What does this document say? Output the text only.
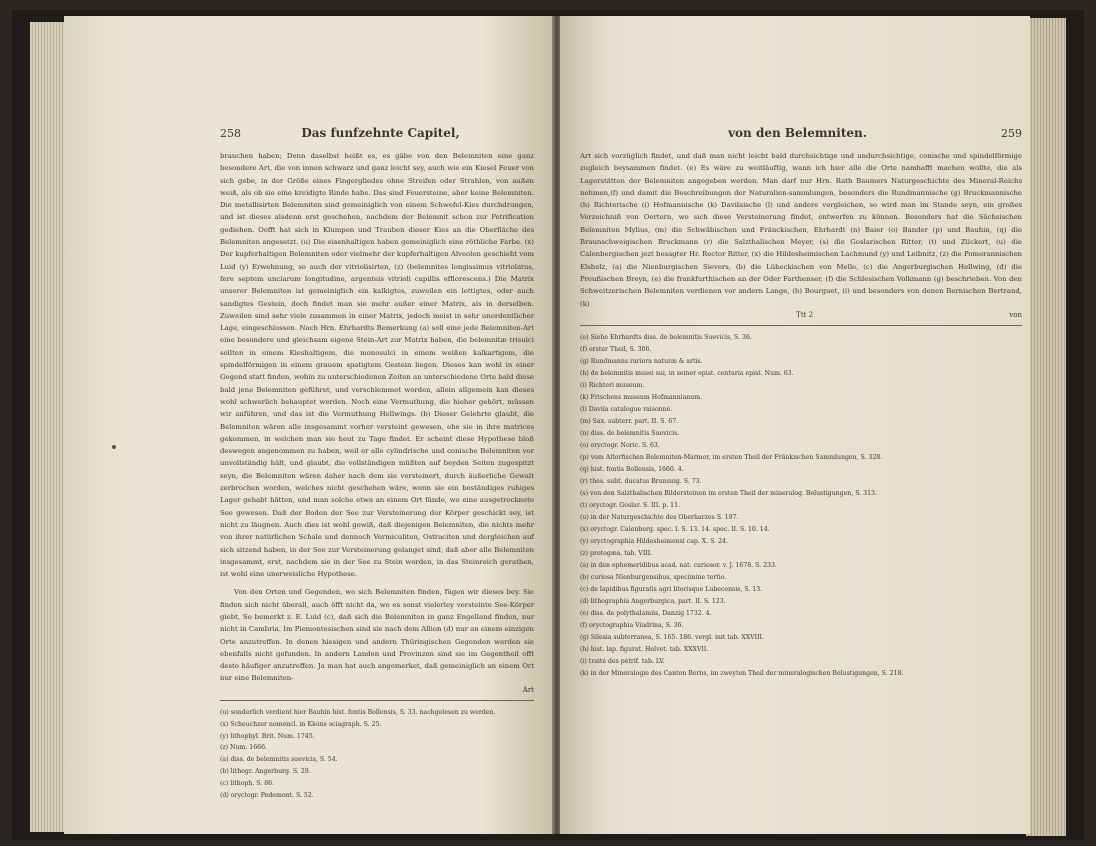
258	Das funfzehnte Capitel,

brauchen haben; Denn daselbst heißt es, es gäbe von den Belemniten eine ganz besondere Art, die von innen schwarz und ganz leicht sey, auch wie ein Kiesel Feuer von sich gebe, in der Größe eines Fingergliedes ohne Streifen oder Strahlen, von außen weiß, als ob sie eine kreidigte Rinde habe. Das sind Feuersteine, aber keine Belemniten. Die metallisirten Belemniten sind gemeiniglich von einem Schwefel-Kies durchdrungen, und ist dieses alsdenn erst geschehen, nachdem der Belemnit schon zur Petrification gediehen. Oefft hat sich in Klumpen und Trauben dieser Kies an die Oberfläche des Belemniten angesetzt. (u) Die eisenhaltigen haben gemeiniglich eine röthliche Farbe. (x) Der kupferhaltigen Belemniten oder vielmehr der kupferhaltigen Alveolen geschieht vom Luid (y) Erwehnung, so auch der vitriolisirten, (z) (belemnites longissimus vitriolatus, fere septem unciarum longitudine, argenteis vitrioli capillis efflorescens.) Die Matrix unserer Belemniten ist gemeiniglich ein kalkigtes, zuweilen ein lettigtes, oder auch sandigtes Gestein, doch findet man sie mehr außer einer Matrix, als in derselben. Zuweilen sind sehr viele zusammen in einer Matrix, jedoch meist in sehr unordentlicher Lage, eingeschlossen. Nach Hrn. Ehrhardts Bemerkung (a) soll eine jede Belemniten-Art eine besondere und gleichsam eigene Stein-Art zur Matrix haben, die belemnitæ trisulci sollten in einem Kieshaltigem, die monosulci in einem weißen kalkartigem, die spindelförmigen in einem grauem spatigtem Gestein liegen. Dieses kan wohl in einer Gegend statt finden, wohin zu unterschiedenen Zeiten an unterschiedene Orte bald diese bald jene Belemniten geführet, und verschlemmet worden, allein allgemein kan dieses wohl schwerlich behauptet werden. Noch eine Vermuthung, die hieher gehört, müssen wir anführen, und das ist die Vermuthung Hellwings. (b) Dieser Gelehrte glaubt, die Belemniten wären alle insgesammt vorher versteint gewesen, ehe sie in ihre matrices gekommen, in welchen man sie heut zu Tage findet. Er scheint diese Hypothese bloß deswegen angenommen zu haben, weil er alle cylindrische und conische Belemniten vor unvollständig hält, und glaubt, die vollständigen müßten auf beyden Seiten zugespitzt seyn, die Belemniten wären daher nach dem sie versteinert, durch äußerliche Gewalt zerbrochen worden, welches nicht geschehen wäre, wenn sie ein beständiges ruhiges Lager gehabt hätten, und man solche etwa an einem Ort fände, wo eine ausgetrocknete See gewesen. Daß der Boden der See zur Versteinerung der Körper geschickt sey, ist nicht zu läugnen. Auch dies ist wohl gewiß, daß diejenigen Belemniten, die nichts mehr von ihrer natürlichen Schale und dennoch Vermiculiten, Ostraciten und dergleichen auf sich sitzend haben, in der See zur Versteinerung gelanget sind, daß aber alle Belemniten insgesammt, erst, nachdem sie in der See zu Stein worden, in das Steinreich gerathen, ist wohl eine unerweisliche Hypothese.

Von den Orten und Gegenden, wo sich Belemniten finden, fügen wir dieses bey. Sie finden sich nicht überall, auch öfft nicht da, wo es sonst vielerley versteinte See-Körper giebt, So bemerkt z. E. Luid (c), daß sich die Belemniten in ganz Engelland finden, nur nicht in Cambria. Im Piemontesischen sind sie nach dem Allion (d) nur an einem einzigen Orte anzutreffen. In denen hiesigen und andern Thüringischen Gegenden werden sie ebenfalls nicht gefunden. In andern Landen und Provinzen sind sie im Gegentheil offt desto häufiger anzutreffen. Ja man hat auch angemerket, daß gemeiniglich an einem Ort nur eine Belemniten-

Art

(u) sonderlich verdient hier Bauhin hist. fontis Bollensis, S. 33. nachgelesen zu werden.
(x) Scheuchzer nomencl. in Kleins sciagraph. S. 25.
(y) lithophyl. Brit. Num. 1745.
(z) Num. 1666.
(a) diss. de belemnitis suevicis, S. 54.
(b) lithogr. Angerburg. S. 29.
(c) lithoph. S. 86.
(d) oryctogr. Pedemont. S. 52.
von den Belemniten.	259

Art sich vorzüglich findet, und daß man nicht leicht bald durchsichtige und undurchsichtige, conische und spindelförmige zugleich beysammen findet. (e) Es wäre zu weitläuftig, wann ich hier alle die Orte namhafft machen wollte, die als Lagerstätten der Belemniten angegeben werden. Man darf nur Hrn. Rath Baumers Naturgeschichte des Mineral-Reichs nehmen,(f) und damit die Beschreibungen der Naturalien-sammlungen, besonders die Rundmannische (g) Bruckmannische (h) Richterische (i) Hofmannische (k) Davilaische (l) und andere vergleichen, so wird man im Stande seyn, ein großes Verzeichniß von Oertern, wo sich diese Versteinerung findet, entwerfen zu können. Besonders hat die Sächsischen Belemniten Mylius, (m) die Schwäbischen und Fränckischen, Ehrhardt (n) Baier (o) Bander (p) und Bauhin, (q) die Braunschweigischen Bruckmann (r) die Salzthalischen Meyer, (s) die Goslarischen Ritter, (t) und Zückert, (u) die Calenbergischen jezt besagter Hr. Rector Ritter, (x) die Hildesheimischen Lachmund (y) und Leibnitz, (z) die Pomerannischen Elsholz, (a) die Nienburgischen Sievers, (b) die Lübeckischen von Melle, (c) die Angerburgischen Hellwing, (d) die Preußischen Breyn, (e) die frankfurthischen an der Oder Farthenser, (f) die Schlesischen Volkmann (g) beschrieben. Von den Schweitzerischen Belemniten verdienen vor andern Lange, (h) Bourguet, (i) und besonders von denen Bernischen Bertrand, (k)

Ttt 2	von
(e) Siehe Ehrhardts diss. de belemnitis Suevicis, S. 36.
(f) erster Theil, S. 306.
(g) Rundmanns rariora naturæ & artis.
(h) de belemnitis musei sui, in seiner epist. centuria epist. Num. 63.
(i) Richteri museum.
(k) Frischens museum Hofmannianum.
(l) Davila catalogue raisonné.
(m) Sax. subterr. part. II. S. 67.
(n) diss. de belemnitis Suevicis.
(o) oryctogr. Noric. S. 63.
(p) vom Altorfischen Belemniten-Marmor, im ersten Theil der Fränkischen Sammlungen, S. 328.
(q) hist. fontis Bollensis, 1660. 4.
(r) thes. subt. ducatus Brunsuig. S. 73.
(s) von den Salzthalischen Bildersteinen im ersten Theil der mineralog. Belustigungen, S. 313.
(t) oryctogr. Goslar. S. III. p. 11.
(u) in der Naturgeschichte des Oberharzes S. 197.
(x) oryctogr. Calenberg. spec. I. S. 13. 14. spec. II. S. 10. 14.
(y) oryctographia Hildesheimensi cap. X. S. 24.
(z) protogæa, tab. VIII.
(a) in den ephemeridibus acad. nat. curiosor. v. J. 1678. S. 233.
(b) curiosa Nienburgensibus, specimine tertio.
(c) de lapidibus figuratis agri litorisque Lubecensis, S. 13.
(d) lithographia Angerburgica, part. II. S. 123.
(e) diss. de polythalamiis, Danzig 1732. 4.
(f) oryctographia Viadrina, S. 36.
(g) Silesia subterranea, S. 165. 186. vergl. mit tab. XXVIII.
(h) hist. lap. figurat. Helvet. tab. XXXVII.
(i) traité des pétrif. tab. LV.
(k) in der Mineralogie des Canton Berns, im zweyten Theil der mineralogischen Belustigungen, S. 218.
